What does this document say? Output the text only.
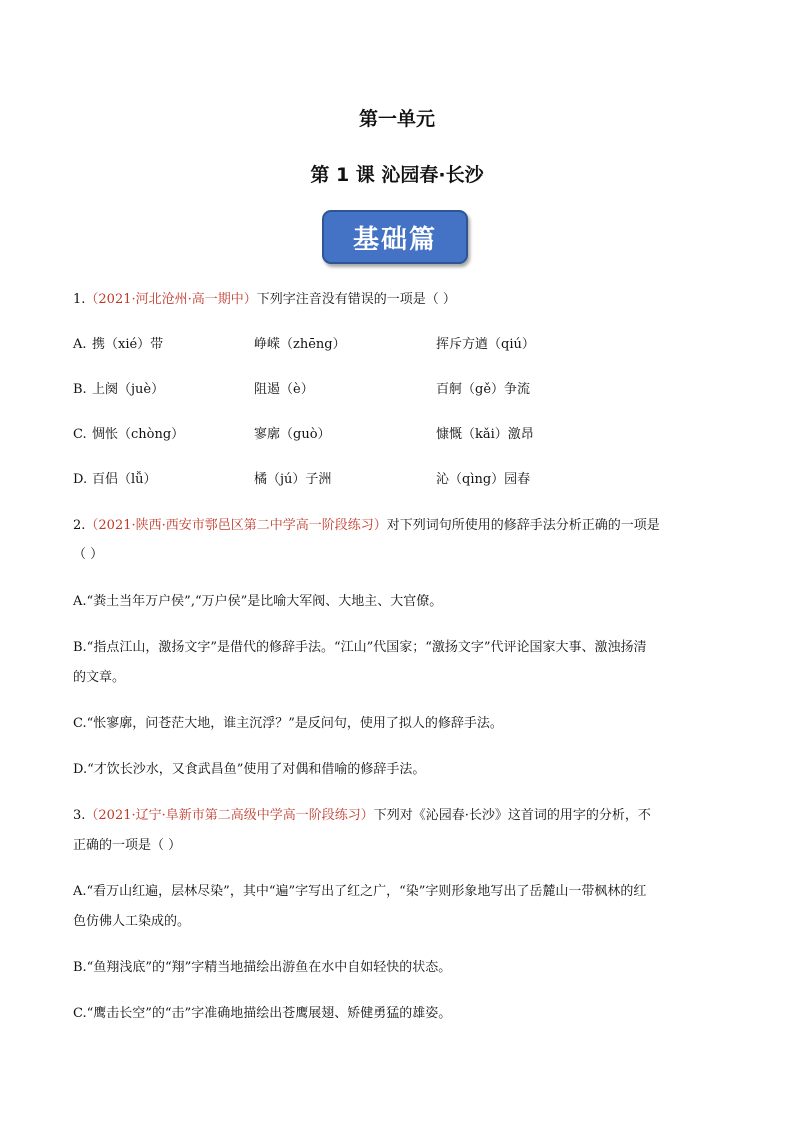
第一单元
第 1 课 沁园春·长沙
基础篇
1.（2021·河北沧州·高一期中）下列字注音没有错误的一项是（ ）
A. 携（xié）带	峥嵘（zhēng）	挥斥方遒（qiú）
B. 上阕（juè）	阻遏（è）	百舸（gě）争流
C. 惆怅（chòng）	寥廓（guò）	慷慨（kǎi）激昂
D. 百侣（lǚ）	橘（jú）子洲	沁（qìng）园春
2.（2021·陕西·西安市鄠邑区第二中学高一阶段练习）对下列词句所使用的修辞手法分析正确的一项是
（ ）
A.“粪土当年万户侯”,“万户侯”是比喻大军阀、大地主、大官僚。
B.“指点江山，激扬文字”是借代的修辞手法。“江山”代国家；“激扬文字”代评论国家大事、激浊扬清
的文章。
C.“怅寥廓，问苍茫大地，谁主沉浮？”是反问句，使用了拟人的修辞手法。
D.“才饮长沙水，又食武昌鱼”使用了对偶和借喻的修辞手法。
3.（2021·辽宁·阜新市第二高级中学高一阶段练习）下列对《沁园春·长沙》这首词的用字的分析，不
正确的一项是（ ）
A.“看万山红遍，层林尽染”，其中“遍”字写出了红之广，“染”字则形象地写出了岳麓山一带枫林的红
色仿佛人工染成的。
B.“鱼翔浅底”的“翔”字精当地描绘出游鱼在水中自如轻快的状态。
C.“鹰击长空”的“击”字准确地描绘出苍鹰展翅、矫健勇猛的雄姿。
